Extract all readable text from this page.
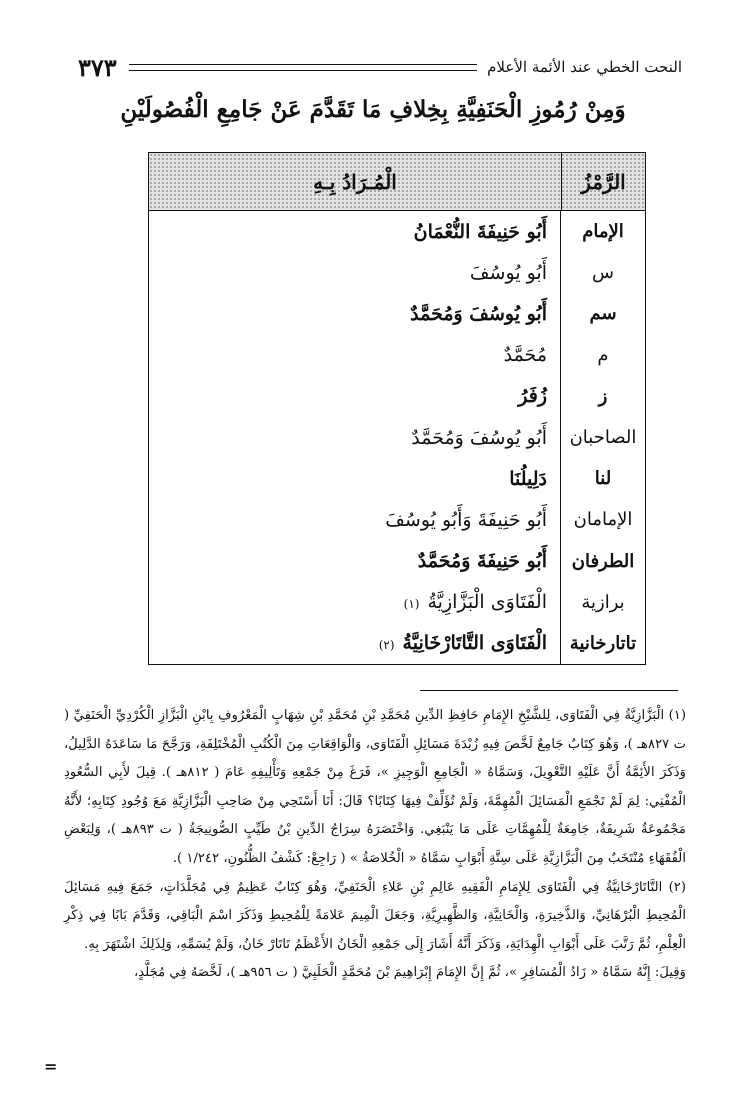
النحت الخطي عند الأئمة الأعلام
٣٧٣
وَمِنْ رُمُوزِ الْحَنَفِيَّةِ بِخِلافِ مَا تَقَدَّمَ عَنْ جَامِعِ الْفُصُولَيْنِ
الرَّمْزُ
الْمُـرَادُ بِـهِ
الإمام
أَبُو حَنِيفَةَ النُّعْمَانُ
س
أَبُو يُوسُفَ
سم
أَبُو يُوسُفَ وَمُحَمَّدٌ
م
مُحَمَّدٌ
ز
زُفَرُ
الصاحبان
أَبُو يُوسُفَ وَمُحَمَّدٌ
لنا
دَلِيلُنَا
الإمامان
أَبُو حَنِيفَةَ وَأَبُو يُوسُفَ
الطرفان
أَبُو حَنِيفَةَ وَمُحَمَّدٌ
برازية
الْفَتَاوَى الْبَزَّازِيَّةُ(١)
تاتارخانية
الْفَتَاوَى التَّاتَارْخَانِيَّةُ(٢)

(١) الْبَزَّازِيَّةُ فِي الْفَتَاوَى، لِلشَّيْخِ الإِمَامِ حَافِظِ الدِّينِ مُحَمَّدِ بْنِ مُحَمَّدِ بْنِ شِهَابٍ الْمَعْرُوفِ بِابْنِ الْبَزَّازِ الْكُرْدِيِّ الْحَنَفِيِّ ( ت ٨٢٧هـ )، وَهُوَ كِتَابٌ جَامِعٌ لَخَّصَ فِيهِ زُبْدَةَ مَسَائِلِ الْفَتَاوَى، وَالْوَاقِعَاتِ مِنَ الْكُتُبِ الْمُخْتَلِفَةِ، وَرَجَّحَ مَا سَاعَدَهُ الدَّلِيلُ، وَذَكَرَ الأَئِمَّةُ أَنَّ عَلَيْهِ التَّعْوِيلَ، وَسَمَّاهُ « الْجَامِعِ الْوَجِيزِ »، فَرَغَ مِنْ جَمْعِهِ وَتَأْلِيفِهِ عَامَ ( ٨١٢هـ ). قِيلَ لأَبِي السُّعُودِ الْمُفْتِي: لِمَ لَمْ تَجْمَعِ الْمَسَائِلَ الْمُهِمَّةَ، وَلَمْ تُؤَلِّفْ فِيهَا كِتَابًا؟ قَالَ: أَنَا أَسْتَحِي مِنْ صَاحِبِ الْبَزَّازِيَّةِ مَعَ وُجُودِ كِتَابِهِ؛ لأَنَّهُ مَجْمُوعَةٌ شَرِيفَةٌ، جَامِعَةٌ لِلْمُهِمَّاتِ عَلَى مَا يَنْبَغِي. وَاخْتَصَرَهُ سِرَاجُ الدِّينِ بْنُ طَيِّبٍ الصُّونِيجَةُ ( ت ٨٩٣هـ )، وَلِبَعْضِ الْفُقَهَاءِ مُنْتَخَبٌ مِنَ الْبَزَّازِيَّةِ عَلَى سِتَّةِ أَبْوَابٍ سَمَّاهُ « الْخُلاصَةُ » ( رَاجِعْ: كَشْفُ الظُّنُونِ، ١/٢٤٢ ).

(٢) التَّاتَارْخَانِيَّةُ فِي الْفَتَاوَى لِلإِمَامِ الْفَقِيهِ عَالِمِ بْنِ عَلاءِ الْحَنَفِيِّ، وَهُوَ كِتَابٌ عَظِيمٌ فِي مُجَلَّدَاتٍ، جَمَعَ فِيهِ مَسَائِلَ الْمُحِيطِ الْبُرْهَانِيِّ، وَالذَّخِيرَةِ، وَالْخَانِيَّةِ، وَالظَّهِيرِيَّةِ، وَجَعَلَ الْمِيمَ عَلامَةً لِلْمُحِيطِ وَذَكَرَ اسْمَ الْبَاقِي، وَقَدَّمَ بَابًا فِي ذِكْرِ الْعِلْمِ، ثُمَّ رَتَّبَ عَلَى أَبْوَابِ الْهِدَايَةِ، وَذَكَرَ أَنَّهُ أَشَارَ إِلَى جَمْعِهِ الْخَانُ الأَعْظَمُ تَاتَارْ خَانُ، وَلَمْ يُسَمِّهِ، وَلِذَلِكَ اشْتَهَرَ بِهِ.

وَقِيلَ: إِنَّهُ سَمَّاهُ « زَادُ الْمُسَافِرِ »، ثُمَّ إِنَّ الإِمَامَ إِبْرَاهِيمَ بْنَ مُحَمَّدٍ الْحَلَبِيَّ ( ت ٩٥٦هـ )، لَخَّصَهُ فِي مُجَلَّدٍ،

=
